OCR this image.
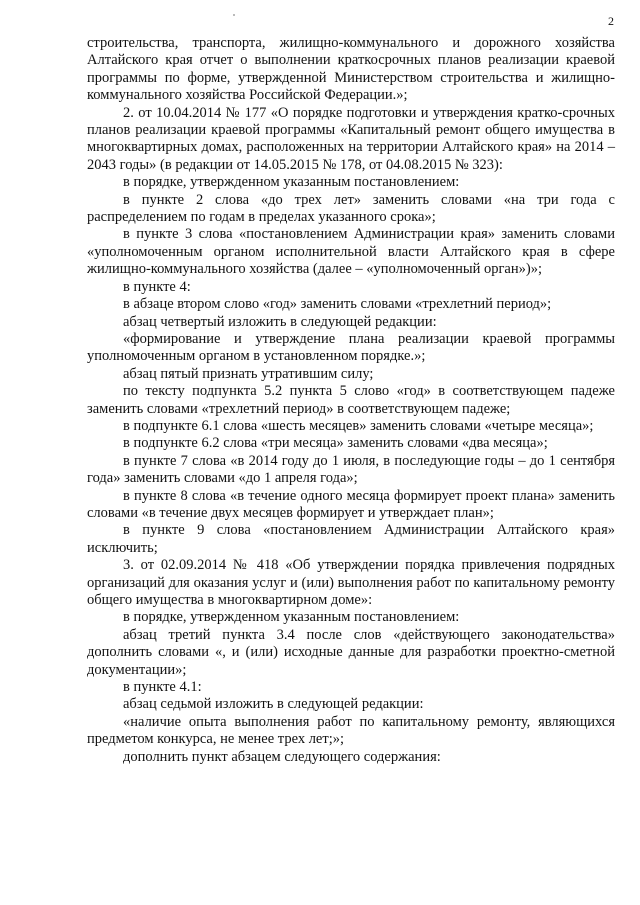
2

строительства, транспорта, жилищно-коммунального и дорожного хозяйства Алтайского края отчет о выполнении краткосрочных планов реализации краевой программы по форме, утвержденной Министерством строительства и жилищно-коммунального хозяйства Российской Федерации.»;

2. от 10.04.2014 № 177 «О порядке подготовки и утверждения кратко-срочных планов реализации краевой программы «Капитальный ремонт общего имущества в многоквартирных домах, расположенных на территории Алтайского края» на 2014 – 2043 годы» (в редакции от 14.05.2015 № 178, от 04.08.2015 № 323):

в порядке, утвержденном указанным постановлением:

в пункте 2 слова «до трех лет» заменить словами «на три года с распределением по годам в пределах указанного срока»;

в пункте 3 слова «постановлением Администрации края» заменить словами «уполномоченным органом исполнительной власти Алтайского края в сфере жилищно-коммунального хозяйства (далее – «уполномоченный орган»)»;

в пункте 4:

в абзаце втором слово «год» заменить словами «трехлетний период»;

абзац четвертый изложить в следующей редакции:

«формирование и утверждение плана реализации краевой программы уполномоченным органом в установленном порядке.»;

абзац пятый признать утратившим силу;

по тексту подпункта 5.2 пункта 5 слово «год» в соответствующем падеже заменить словами «трехлетний период» в соответствующем падеже;

в подпункте 6.1 слова «шесть месяцев» заменить словами «четыре месяца»;

в подпункте 6.2 слова «три месяца» заменить словами «два месяца»;

в пункте 7 слова «в 2014 году до 1 июля, в последующие годы – до 1 сентября года» заменить словами «до 1 апреля года»;

в пункте 8 слова «в течение одного месяца формирует проект плана» заменить словами «в течение двух месяцев формирует и утверждает план»;

в пункте 9 слова «постановлением Администрации Алтайского края» исключить;

3. от 02.09.2014 № 418 «Об утверждении порядка привлечения подрядных организаций для оказания услуг и (или) выполнения работ по капитальному ремонту общего имущества в многоквартирном доме»:

в порядке, утвержденном указанным постановлением:

абзац третий пункта 3.4 после слов «действующего законодательства» дополнить словами «, и (или) исходные данные для разработки проектно-сметной документации»;

в пункте 4.1:

абзац седьмой изложить в следующей редакции:

«наличие опыта выполнения работ по капитальному ремонту, являющихся предметом конкурса, не менее трех лет;»;

дополнить пункт абзацем следующего содержания:
